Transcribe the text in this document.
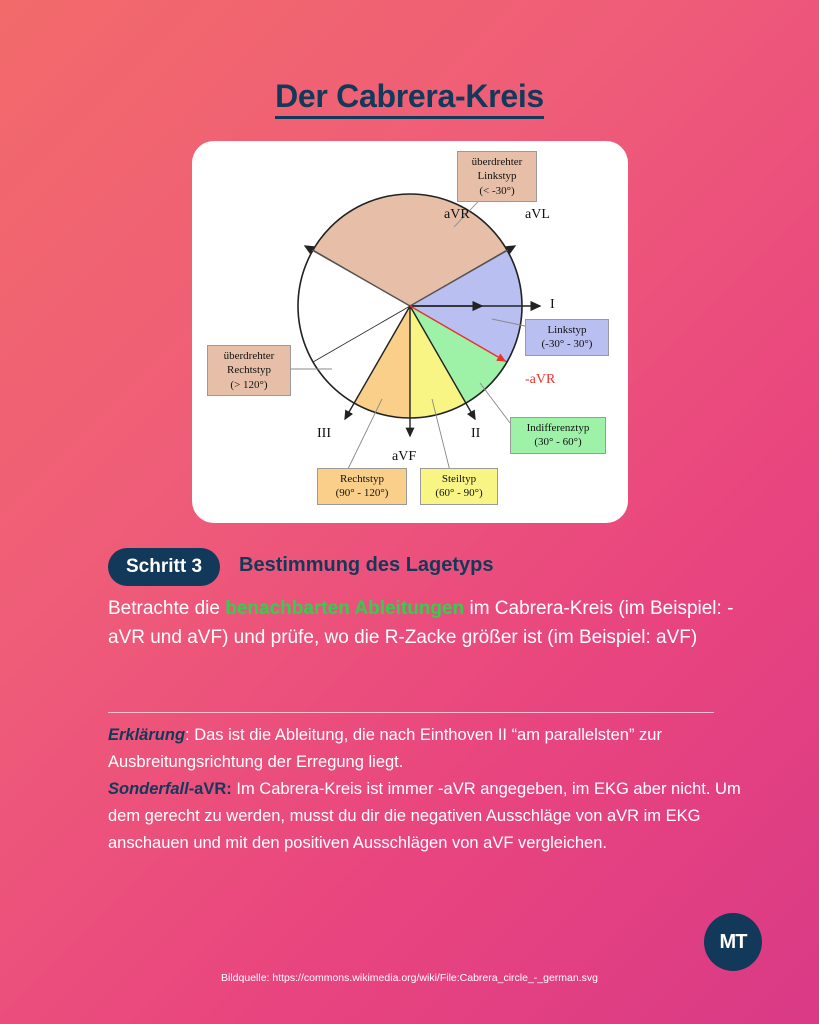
Der Cabrera-Kreis
aVR	aVL
I
-aVR
II
aVF
III
überdrehter
Linkstyp
(< -30°)
Linkstyp
(-30° - 30°)
Indifferenztyp
(30° - 60°)
Steiltyp
(60° - 90°)
Rechtstyp
(90° - 120°)
überdrehter
Rechtstyp
(> 120°)
Schritt 3	Bestimmung des Lagetyps
Betrachte die benachbarten Ableitungen im Cabrera-Kreis (im Beispiel: -aVR und aVF) und prüfe, wo die R-Zacke größer ist (im Beispiel: aVF)

Erklärung: Das ist die Ableitung, die nach Einthoven II “am parallelsten” zur Ausbreitungsrichtung der Erregung liegt.

Sonderfall-aVR: Im Cabrera-Kreis ist immer -aVR angegeben, im EKG aber nicht. Um dem gerecht zu werden, musst du dir die negativen Ausschläge von aVR im EKG anschauen und mit den positiven Ausschlägen von aVF vergleichen.

MT
Bildquelle: https://commons.wikimedia.org/wiki/File:Cabrera_circle_-_german.svg
